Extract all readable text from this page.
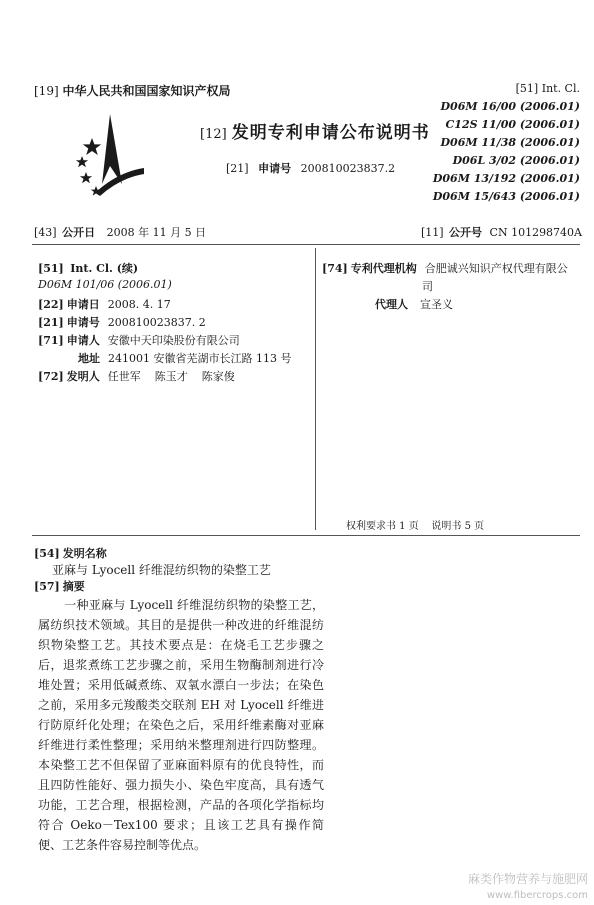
[19] 中华人民共和国国家知识产权局
[12] 发明专利申请公布说明书
[21] 申请号 200810023837.2
[51] Int. Cl.
D06M 16/00 (2006.01)
C12S 11/00 (2006.01)
D06M 11/38 (2006.01)
D06L 3/02 (2006.01)
D06M 13/192 (2006.01)
D06M 15/643 (2006.01)
[43] 公开日 2008 年 11 月 5 日	[11] 公开号 CN 101298740A
[51] Int. Cl. (续)
D06M 101/06 (2006.01)
[22] 申请日 2008. 4. 17
[21] 申请号 200810023837. 2
[71] 申请人 安徽中天印染股份有限公司
地址 241001 安徽省芜湖市长江路 113 号
[72] 发明人 任世军    陈玉才    陈家俊
[74] 专利代理机构 合肥诚兴知识产权代理有限公
司
代理人 宣圣义
权利要求书 1 页    说明书 5 页
[54] 发明名称
亚麻与 Lyocell 纤维混纺织物的染整工艺
[57] 摘要
一种亚麻与 Lyocell 纤维混纺织物的染整工艺，属纺织技术领域。其目的是提供一种改进的纤维混纺织物染整工艺。其技术要点是：在烧毛工艺步骤之后，退浆煮练工艺步骤之前，采用生物酶制剂进行冷堆处置；采用低碱煮练、双氧水漂白一步法；在染色之前，采用多元羧酸类交联剂 EH 对 Lyocell 纤维进行防原纤化处理；在染色之后，采用纤维素酶对亚麻纤维进行柔性整理；采用纳米整理剂进行四防整理。本染整工艺不但保留了亚麻面料原有的优良特性，而且四防性能好、强力损失小、染色牢度高，具有透气功能，工艺合理，根据检测，产品的各项化学指标均符合 Oeko－Tex100 要求；且该工艺具有操作简便、工艺条件容易控制等优点。
麻类作物营养与施肥网
www.fibercrops.com
